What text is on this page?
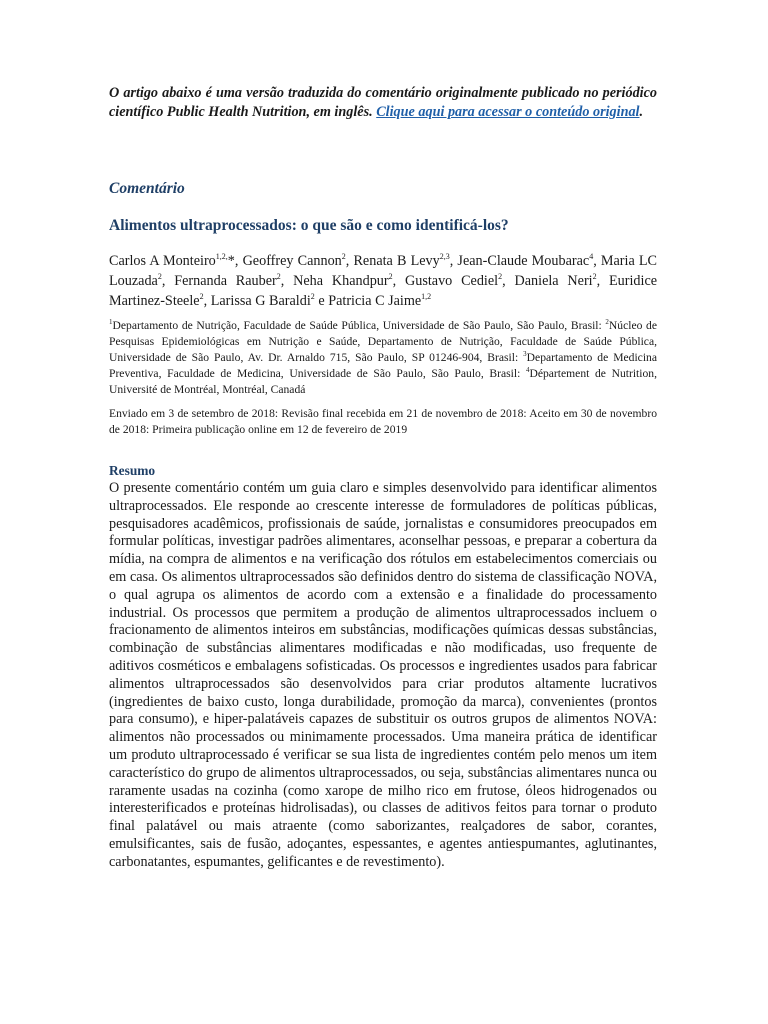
O artigo abaixo é uma versão traduzida do comentário originalmente publicado no periódico científico Public Health Nutrition, em inglês. Clique aqui para acessar o conteúdo original.

Comentário

Alimentos ultraprocessados: o que são e como identificá-los?

Carlos A Monteiro$^{1,2,}$*, Geoffrey Cannon$^2$, Renata B Levy$^{2,3}$, Jean-Claude Moubarac$^4$, Maria LC Louzada$^2$, Fernanda Rauber$^2$, Neha Khandpur$^2$, Gustavo Cediel$^2$, Daniela Neri$^2$, Euridice Martinez-Steele$^2$, Larissa G Baraldi$^2$ e Patricia C Jaime$^{1,2}$

$^1$Departamento de Nutrição, Faculdade de Saúde Pública, Universidade de São Paulo, São Paulo, Brasil: $^2$Núcleo de Pesquisas Epidemiológicas em Nutrição e Saúde, Departamento de Nutrição, Faculdade de Saúde Pública, Universidade de São Paulo, Av. Dr. Arnaldo 715, São Paulo, SP 01246-904, Brasil: $^3$Departamento de Medicina Preventiva, Faculdade de Medicina, Universidade de São Paulo, São Paulo, Brasil: $^4$Département de Nutrition, Université de Montréal, Montréal, Canadá

Enviado em 3 de setembro de 2018: Revisão final recebida em 21 de novembro de 2018: Aceito em 30 de novembro de 2018: Primeira publicação online em 12 de fevereiro de 2019

Resumo

O presente comentário contém um guia claro e simples desenvolvido para identificar alimentos ultraprocessados. Ele responde ao crescente interesse de formuladores de políticas públicas, pesquisadores acadêmicos, profissionais de saúde, jornalistas e consumidores preocupados em formular políticas, investigar padrões alimentares, aconselhar pessoas, e preparar a cobertura da mídia, na compra de alimentos e na verificação dos rótulos em estabelecimentos comerciais ou em casa. Os alimentos ultraprocessados são definidos dentro do sistema de classificação NOVA, o qual agrupa os alimentos de acordo com a extensão e a finalidade do processamento industrial. Os processos que permitem a produção de alimentos ultraprocessados incluem o fracionamento de alimentos inteiros em substâncias, modificações químicas dessas substâncias, combinação de substâncias alimentares modificadas e não modificadas, uso frequente de aditivos cosméticos e embalagens sofisticadas. Os processos e ingredientes usados para fabricar alimentos ultraprocessados são desenvolvidos para criar produtos altamente lucrativos (ingredientes de baixo custo, longa durabilidade, promoção da marca), convenientes (prontos para consumo), e hiper-palatáveis capazes de substituir os outros grupos de alimentos NOVA: alimentos não processados ou minimamente processados. Uma maneira prática de identificar um produto ultraprocessado é verificar se sua lista de ingredientes contém pelo menos um item característico do grupo de alimentos ultraprocessados, ou seja, substâncias alimentares nunca ou raramente usadas na cozinha (como xarope de milho rico em frutose, óleos hidrogenados ou interesterificados e proteínas hidrolisadas), ou classes de aditivos feitos para tornar o produto final palatável ou mais atraente (como saborizantes, realçadores de sabor, corantes, emulsificantes, sais de fusão, adoçantes, espessantes, e agentes antiespumantes, aglutinantes, carbonatantes, espumantes, gelificantes e de revestimento).
